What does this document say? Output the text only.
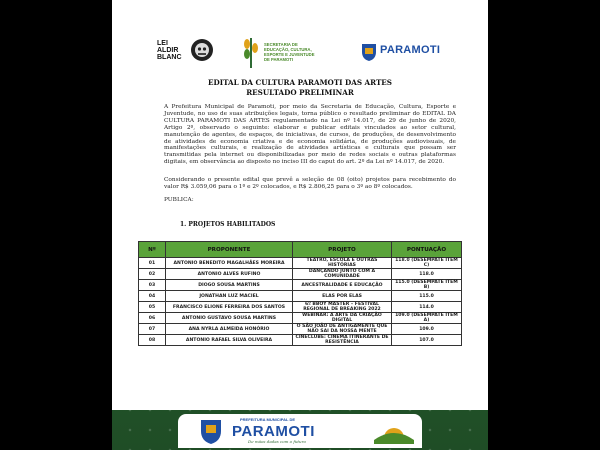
LEI
ALDIR
BLANC
SECRETARIA DE
EDUCAÇÃO, CULTURA,
ESPORTE E JUVENTUDE
DE PARAMOTI
PARAMOTI
EDITAL DA CULTURA PARAMOTI DAS ARTES
RESULTADO PRELIMINAR
A Prefeitura Municipal de Paramoti, por meio da Secretaria de Educação, Cultura, Esporte e Juventude, no uso de suas atribuições legais, torna público o resultado preliminar do EDITAL DA CULTURA PARAMOTI DAS ARTES regulamentado na Lei nº 14.017, de 29 de junho de 2020, Artigo 2º, observado o seguinte: elaborar e publicar editais vinculados ao setor cultural, manutenção de agentes, de espaços, de iniciativas, de cursos, de produções, de desenvolvimento de atividades de economia criativa e de economia solidária, de produções audiovisuais, de manifestações culturais, e realização de atividades artísticas e culturais que possam ser transmitidas pela internet ou disponibilizadas por meio de redes sociais e outras plataformas digitais, em observância ao disposto no inciso III do caput do art. 2º da Lei nº 14.017, de 2020.
Considerando o presente edital que prevê a seleção de 08 (oito) projetos para recebimento do valor R$ 3.059,06 para o 1º e 2º colocados, e R$ 2.806,25 para o 3º ao 8º colocados.
PUBLICA:
1. PROJETOS HABILITADOS
Nº	PROPONENTE	PROJETO	PONTUAÇÃO
01	ANTONIO BENEDITO MAGALHÃES MOREIRA	TEATRO, ESCOLA E OUTRAS HISTÓRIAS	118.0 (DESEMPATE ITEM C)
02	ANTONIO ALVES RUFINO	DANÇANDO JUNTO COM A COMUNIDADE	118.0
03	DIOGO SOUSA MARTINS	ANCESTRALIDADE E EDUCAÇÃO	115.0 (DESEMPATE ITEM B)
04	JONATHAN LUZ MACIEL	ELAS POR ELAS	115.0
05	FRANCISCO ELIONE FERREIRA DOS SANTOS	6º BBOY MASTER – FESTIVAL REGIONAL DE BREAKING 2022	114.0
06	ANTONIO GUSTAVO SOUSA MARTINS	WEBINAR: A ARTE DA CRIAÇÃO DIGITAL	109.0 (DESEMPATE ITEM A)
07	ANA NYRLA ALMEIDA HONÓRIO	O SÃO JOÃO DE ANTIGAMENTE QUE NÃO SAI DA NOSSA MENTE	109.0
08	ANTONIO RAFAEL SILVA OLIVEIRA	CINECLUBE: CINEMA ITINERANTE DE RESISTÊNCIA	107.0
PREFEITURA MUNICIPAL DE
PARAMOTI
De mãos dadas com o futuro
